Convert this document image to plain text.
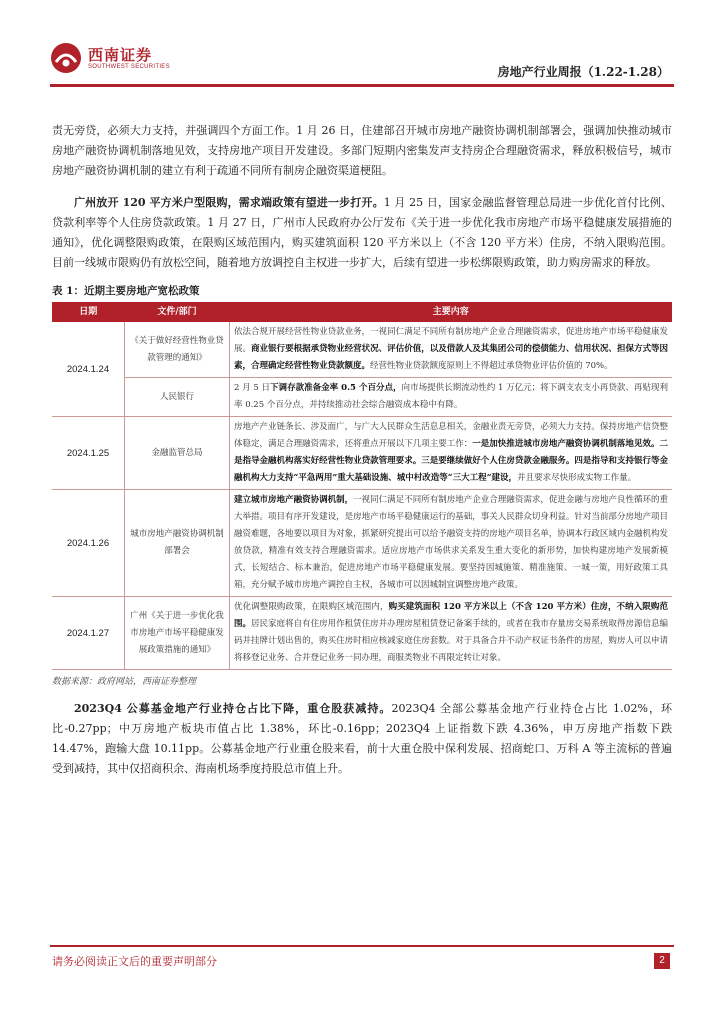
西南证券
SOUTHWEST SECURITIES	房地产行业周报（1.22-1.28）

责无旁贷，必须大力支持，并强调四个方面工作。1 月 26 日，住建部召开城市房地产融资协调机制部署会，强调加快推动城市房地产融资协调机制落地见效，支持房地产项目开发建设。多部门短期内密集发声支持房企合理融资需求，释放积极信号，城市房地产融资协调机制的建立有利于疏通不同所有制房企融资渠道梗阻。

广州放开 120 平方米户型限购，需求端政策有望进一步打开。1 月 25 日，国家金融监督管理总局进一步优化首付比例、贷款利率等个人住房贷款政策。1 月 27 日，广州市人民政府办公厅发布《关于进一步优化我市房地产市场平稳健康发展措施的通知》，优化调整限购政策，在限购区域范围内，购买建筑面积 120 平方米以上（不含 120 平方米）住房，不纳入限购范围。目前一线城市限购仍有放松空间，随着地方放调控自主权进一步扩大，后续有望进一步松绑限购政策，助力购房需求的释放。

表 1：近期主要房地产宽松政策
日期	文件/部门	主要内容
2024.1.24	《关于做好经营性物业贷款管理的通知》	依法合规开展经营性物业贷款业务，一视同仁满足不同所有制房地产企业合理融资需求，促进房地产市场平稳健康发展。商业银行要根据承贷物业经营状况、评估价值，以及借款人及其集团公司的偿债能力、信用状况、担保方式等因素，合理确定经营性物业贷款额度。经营性物业贷款额度原则上不得超过承贷物业评估价值的 70%。
	人民银行	2 月 5 日下调存款准备金率 0.5 个百分点，向市场提供长期流动性约 1 万亿元；将下调支农支小再贷款、再贴现利率 0.25 个百分点，并持续推动社会综合融资成本稳中有降。
2024.1.25	金融监管总局	房地产产业链条长、涉及面广，与广大人民群众生活息息相关，金融业责无旁贷，必须大力支持。保持房地产信贷整体稳定，满足合理融资需求，还将重点开展以下几项主要工作：一是加快推进城市房地产融资协调机制落地见效。二是指导金融机构落实好经营性物业贷款管理要求。三是要继续做好个人住房贷款金融服务。四是指导和支持银行等金融机构大力支持“平急两用”重大基础设施、城中村改造等“三大工程”建设，并且要求尽快形成实物工作量。
2024.1.26	城市房地产融资协调机制部署会	建立城市房地产融资协调机制，一视同仁满足不同所有制房地产企业合理融资需求，促进金融与房地产良性循环的重大举措。项目有序开发建设，是房地产市场平稳健康运行的基础，事关人民群众切身利益。针对当前部分房地产项目融资难题，各地要以项目为对象，抓紧研究提出可以给予融资支持的房地产项目名单，协调本行政区域内金融机构发放贷款，精准有效支持合理融资需求。适应房地产市场供求关系发生重大变化的新形势，加快构建房地产发展新模式，长短结合、标本兼治，促进房地产市场平稳健康发展。要坚持因城施策、精准施策、一城一策，用好政策工具箱，充分赋予城市房地产调控自主权，各城市可以因城制宜调整房地产政策。
2024.1.27	广州《关于进一步优化我市房地产市场平稳健康发展政策措施的通知》	优化调整限购政策，在限购区域范围内，购买建筑面积 120 平方米以上（不含 120 平方米）住房，不纳入限购范围。居民家庭将自有住房用作租赁住房并办理房屋租赁登记备案手续的，或者在我市存量房交易系统取得房源信息编码并挂牌计划出售的，购买住房时相应核减家庭住房套数。对于具备合并不动产权证书条件的房屋，购房人可以申请将移登记业务、合并登记业务一同办理，商服类物业不再限定转让对象。
数据来源：政府网站，西南证券整理

2023Q4 公募基金地产行业持仓占比下降，重仓股获减持。2023Q4 全部公募基金地产行业持仓占比 1.02%，环比-0.27pp；中万房地产板块市值占比 1.38%，环比-0.16pp；2023Q4 上证指数下跌 4.36%，申万房地产指数下跌 14.47%，跑输大盘 10.11pp。公募基金地产行业重仓股来看，前十大重仓股中保利发展、招商蛇口、万科 A 等主流标的普遍受到减持，其中仅招商积余、海南机场季度持股总市值上升。

请务必阅读正文后的重要声明部分	2
